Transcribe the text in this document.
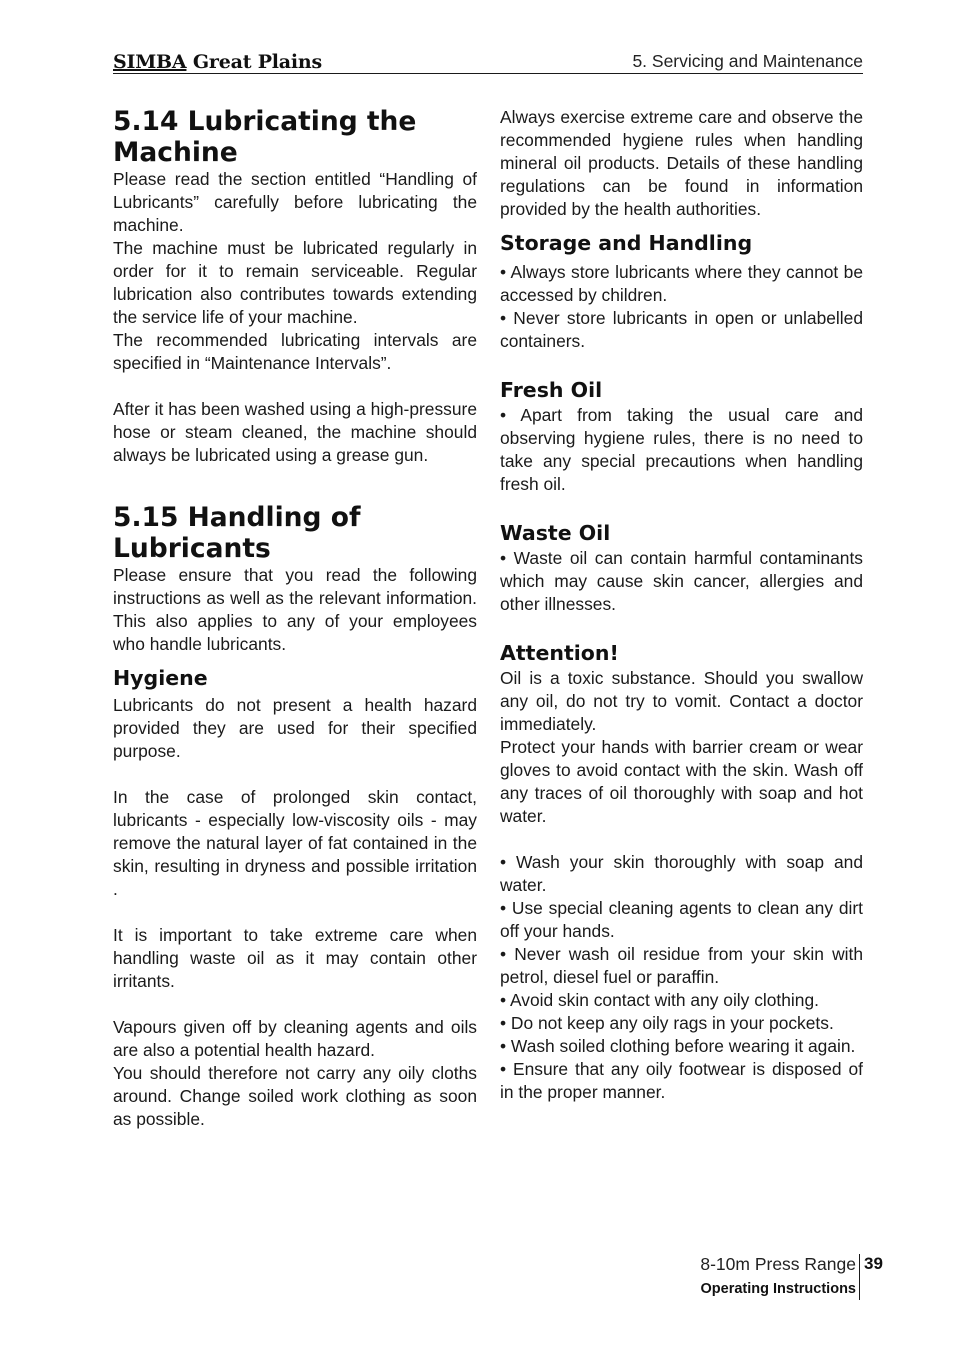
SIMBA Great Plains	5. Servicing and Maintenance
5.14 Lubricating the Machine

Please read the section entitled “Handling of Lubricants” carefully before lubricating the machine.

The machine must be lubricated regularly in order for it to remain serviceable. Regular lubrication also contributes towards extending the service life of your machine.

The recommended lubricating intervals are specified in “Maintenance Intervals”.

After it has been washed using a high-pressure hose or steam cleaned, the machine should always be lubricated using a grease gun.

5.15 Handling of Lubricants

Please ensure that you read the following instructions as well as the relevant information. This also applies to any of your employees who handle lubricants.

Hygiene

Lubricants do not present a health hazard provided they are used for their specified purpose.

In the case of prolonged skin contact, lubricants - especially low-viscosity oils - may remove the natural layer of fat contained in the skin, resulting in dryness and possible irritation .

It is important to take extreme care when handling waste oil as it may contain other irritants.

Vapours given off by cleaning agents and oils are also a potential health hazard.

You should therefore not carry any oily cloths around. Change soiled work clothing as soon as possible.

Always exercise extreme care and observe the recommended hygiene rules when handling mineral oil products. Details of these handling regulations can be found in information provided by the health authorities.

Storage and Handling

• Always store lubricants where they cannot be accessed by children.

• Never store lubricants in open or unlabelled containers.

Fresh Oil

• Apart from taking the usual care and observing hygiene rules, there is no need to take any special precautions when handling fresh oil.

Waste Oil

• Waste oil can contain harmful contaminants which may cause skin cancer, allergies and other illnesses.

Attention!

Oil is a toxic substance. Should you swallow any oil, do not try to vomit. Contact a doctor immediately.

Protect your hands with barrier cream or wear gloves to avoid contact with the skin. Wash off any traces of oil thoroughly with soap and hot water.

• Wash your skin thoroughly with soap and water.

• Use special cleaning agents to clean any dirt off your hands.

• Never wash oil residue from your skin with petrol, diesel fuel or paraffin.

• Avoid skin contact with any oily clothing.

• Do not keep any oily rags in your pockets.

• Wash soiled clothing before wearing it again.

• Ensure that any oily footwear is disposed of in the proper manner.

8-10m Press Range
Operating Instructions
39
